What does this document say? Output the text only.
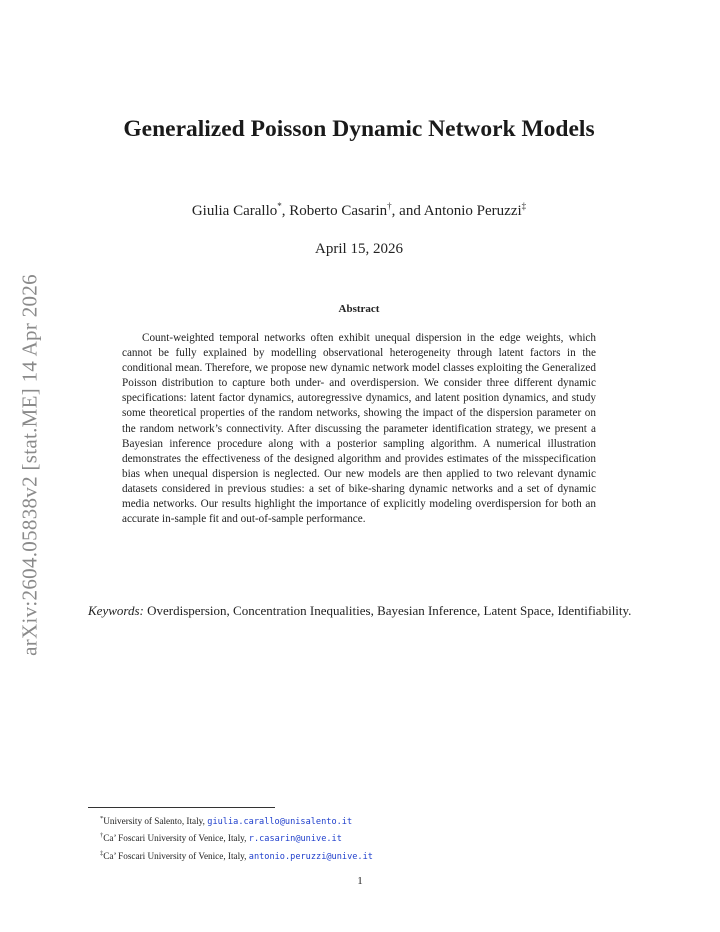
arXiv:2604.05838v2 [stat.ME] 14 Apr 2026
Generalized Poisson Dynamic Network Models
Giulia Carallo*, Roberto Casarin†, and Antonio Peruzzi‡
April 15, 2026
Abstract

Count-weighted temporal networks often exhibit unequal dispersion in the edge weights, which cannot be fully explained by modelling observational heterogeneity through latent factors in the conditional mean. Therefore, we propose new dynamic network model classes exploiting the Generalized Poisson distribution to capture both under- and overdispersion. We consider three different dynamic specifications: latent factor dynamics, autoregressive dynamics, and latent position dynamics, and study some theoretical properties of the random networks, showing the impact of the dispersion parameter on the random network’s connectivity. After discussing the parameter identification strategy, we present a Bayesian inference procedure along with a posterior sampling algorithm. A numerical illustration demonstrates the effectiveness of the designed algorithm and provides estimates of the misspecification bias when unequal dispersion is neglected. Our new models are then applied to two relevant dynamic datasets considered in previous studies: a set of bike-sharing dynamic networks and a set of dynamic media networks. Our results highlight the importance of explicitly modeling overdispersion for both an accurate in-sample fit and out-of-sample performance.

Keywords: Overdispersion, Concentration Inequalities, Bayesian Inference, Latent Space, Identifiability.
*University of Salento, Italy, giulia.carallo@unisalento.it
†Ca’ Foscari University of Venice, Italy, r.casarin@unive.it
‡Ca’ Foscari University of Venice, Italy, antonio.peruzzi@unive.it
1
